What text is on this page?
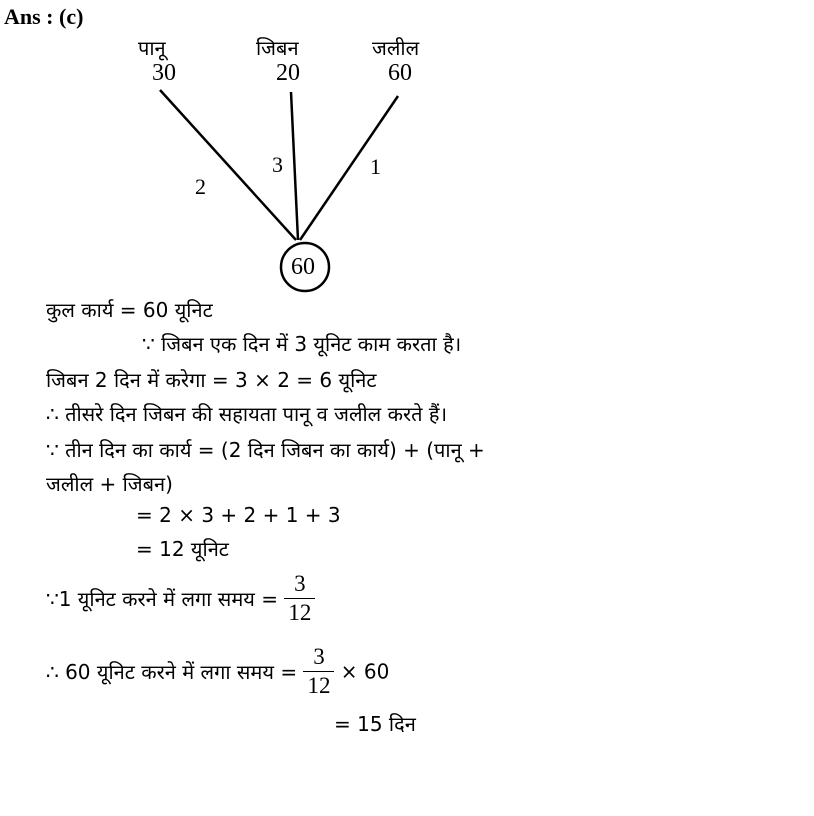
Ans : (c)
पानू
30
जिबन
20
जलील
60
2
3	1
60
कुल कार्य = 60 यूनिट
∵ जिबन एक दिन में 3 यूनिट काम करता है।
जिबन 2 दिन में करेगा = 3 × 2 = 6 यूनिट
∴ तीसरे दिन जिबन की सहायता पानू व जलील करते हैं।
∵ तीन दिन का कार्य = (2 दिन जिबन का कार्य) + (पानू +
जलील + जिबन)
= 2 × 3 + 2 + 1 + 3
= 12 यूनिट
∵1 यूनिट करने में लगा समय = $\frac{3}{12}$
∴ 60 यूनिट करने में लगा समय = $\frac{3}{12} \times 60$
= 15 दिन
